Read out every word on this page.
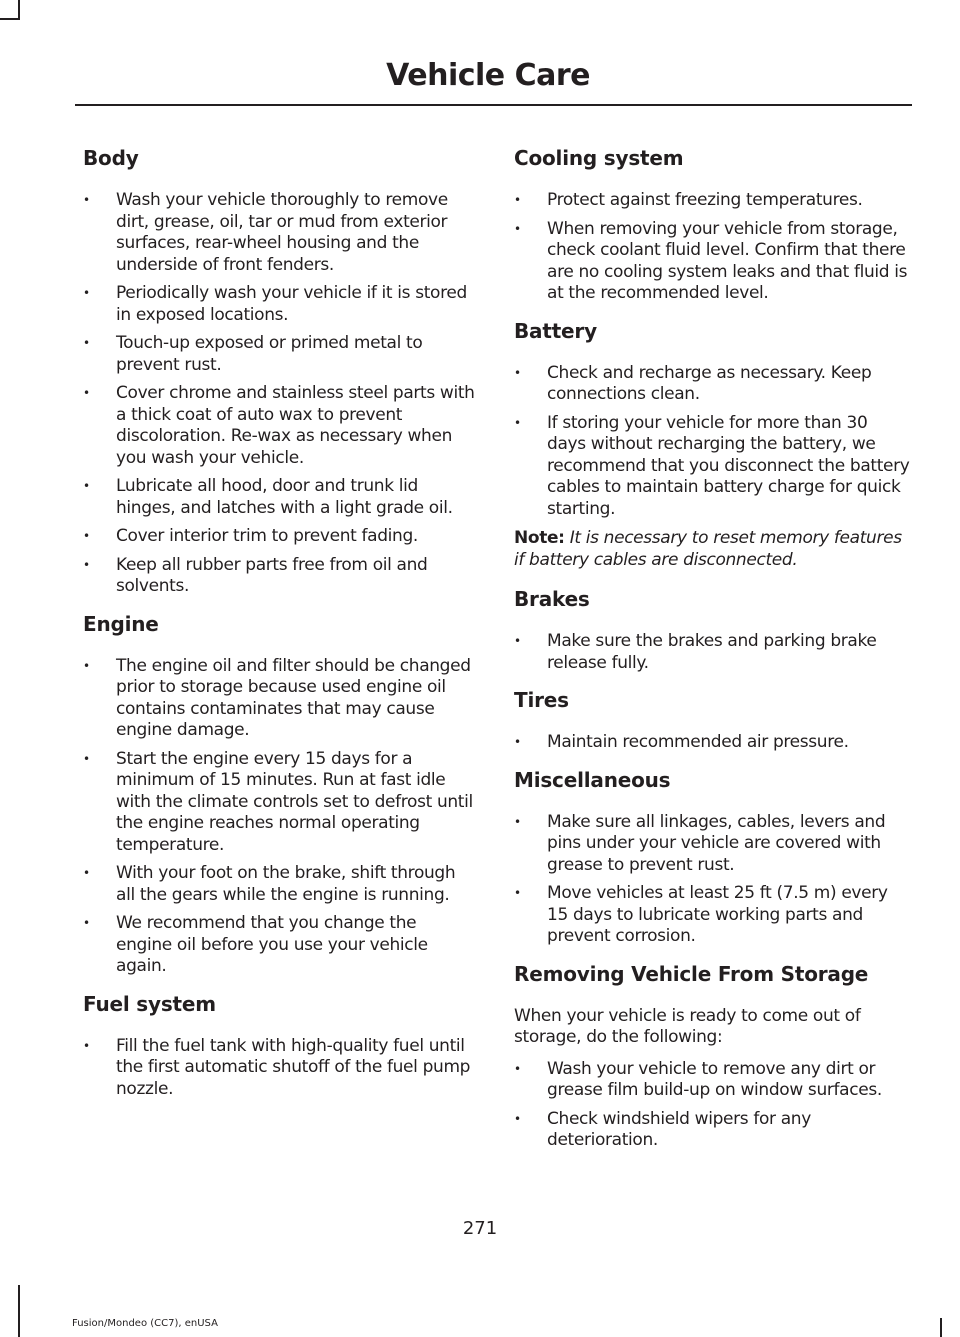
Vehicle Care
Body
• Wash your vehicle thoroughly to remove dirt, grease, oil, tar or mud from exterior surfaces, rear-wheel housing and the underside of front fenders.
• Periodically wash your vehicle if it is stored in exposed locations.
• Touch-up exposed or primed metal to prevent rust.
• Cover chrome and stainless steel parts with a thick coat of auto wax to prevent discoloration. Re-wax as necessary when you wash your vehicle.
• Lubricate all hood, door and trunk lid hinges, and latches with a light grade oil.
• Cover interior trim to prevent fading.
• Keep all rubber parts free from oil and solvents.
Engine
• The engine oil and filter should be changed prior to storage because used engine oil contains contaminates that may cause engine damage.
• Start the engine every 15 days for a minimum of 15 minutes. Run at fast idle with the climate controls set to defrost until the engine reaches normal operating temperature.
• With your foot on the brake, shift through all the gears while the engine is running.
• We recommend that you change the engine oil before you use your vehicle again.
Fuel system
• Fill the fuel tank with high-quality fuel until the first automatic shutoff of the fuel pump nozzle.
Cooling system
• Protect against freezing temperatures.
• When removing your vehicle from storage, check coolant fluid level. Confirm that there are no cooling system leaks and that fluid is at the recommended level.
Battery
• Check and recharge as necessary. Keep connections clean.
• If storing your vehicle for more than 30 days without recharging the battery, we recommend that you disconnect the battery cables to maintain battery charge for quick starting.

Note: It is necessary to reset memory features if battery cables are disconnected.

Brakes
• Make sure the brakes and parking brake release fully.
Tires
• Maintain recommended air pressure.
Miscellaneous
• Make sure all linkages, cables, levers and pins under your vehicle are covered with grease to prevent rust.
• Move vehicles at least 25 ft (7.5 m) every 15 days to lubricate working parts and prevent corrosion.
Removing Vehicle From Storage

When your vehicle is ready to come out of storage, do the following:

• Wash your vehicle to remove any dirt or grease film build-up on window surfaces.
• Check windshield wipers for any deterioration.
271
Fusion/Mondeo (CC7), enUSA
